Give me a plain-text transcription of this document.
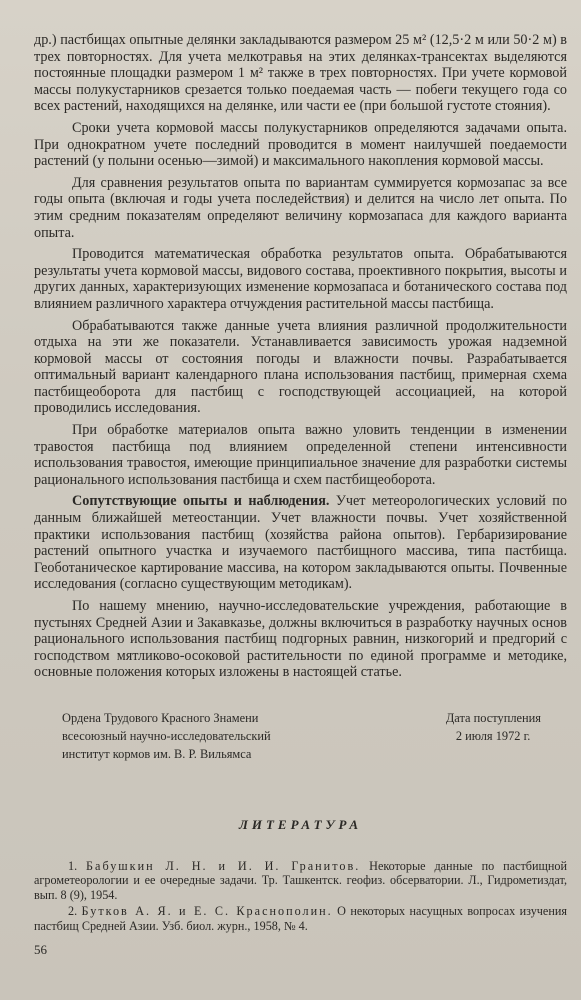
др.) пастбищах опытные делянки закладываются размером 25 м² (12,5·2 м или 50·2 м) в трех повторностях. Для учета мелкотравья на этих делянках-трансектах выделяются постоянные площадки размером 1 м² также в трех повторностях. При учете кормовой массы полукустарников срезается только поедаемая часть — побеги текущего года со всех растений, находящихся на делянке, или части ее (при большой густоте стояния).

Сроки учета кормовой массы полукустарников определяются задачами опыта. При однократном учете последний проводится в момент наилучшей поедаемости растений (у полыни осенью—зимой) и максимального накопления кормовой массы.

Для сравнения результатов опыта по вариантам суммируется кормозапас за все годы опыта (включая и годы учета последействия) и делится на число лет опыта. По этим средним показателям определяют величину кормозапаса для каждого варианта опыта.

Проводится математическая обработка результатов опыта. Обрабатываются результаты учета кормовой массы, видового состава, проективного покрытия, высоты и других данных, характеризующих изменение кормозапаса и ботанического состава под влиянием различного характера отчуждения растительной массы пастбища.

Обрабатываются также данные учета влияния различной продолжительности отдыха на эти же показатели. Устанавливается зависимость урожая надземной кормовой массы от состояния погоды и влажности почвы. Разрабатывается оптимальный вариант календарного плана использования пастбищ, примерная схема пастбищеоборота для пастбищ с господствующей ассоциацией, на которой проводились исследования.

При обработке материалов опыта важно уловить тенденции в изменении травостоя пастбища под влиянием определенной степени интенсивности использования травостоя, имеющие принципиальное значение для разработки системы рационального использования пастбища и схем пастбищеоборота.

Сопутствующие опыты и наблюдения. Учет метеорологических условий по данным ближайшей метеостанции. Учет влажности почвы. Учет хозяйственной практики использования пастбищ (хозяйства района опытов). Гербаризирование растений опытного участка и изучаемого пастбищного массива, типа пастбища. Геоботаническое картирование массива, на котором закладываются опыты. Почвенные исследования (согласно существующим методикам).

По нашему мнению, научно-исследовательские учреждения, работающие в пустынях Средней Азии и Закавказье, должны включиться в разработку научных основ рационального использования пастбищ подгорных равнин, низкогорий и предгорий с господством мятликово-осоковой растительности по единой программе и методике, основные положения которых изложены в настоящей статье.

Ордена Трудового Красного Знамени
всесоюзный научно-исследовательский
институт кормов им. В. Р. Вильямса
Дата поступления
2 июля 1972 г.
ЛИТЕРАТУРА

1. Бабушкин Л. Н. и И. И. Гранитов. Некоторые данные по пастбищной агрометеорологии и ее очередные задачи. Тр. Ташкентск. геофиз. обсерватории. Л., Гидрометиздат, вып. 8 (9), 1954.

2. Бутков А. Я. и Е. С. Краснополин. О некоторых насущных вопросах изучения пастбищ Средней Азии. Узб. биол. журн., 1958, № 4.

56
